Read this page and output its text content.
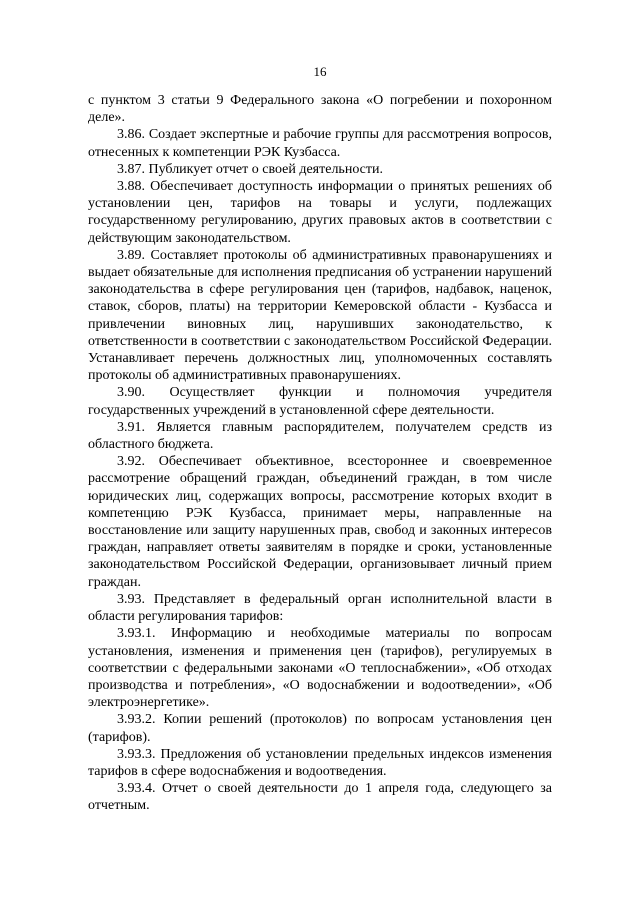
16

с пунктом 3 статьи 9 Федерального закона «О погребении и похоронном деле».

3.86. Создает экспертные и рабочие группы для рассмотрения вопросов, отнесенных к компетенции РЭК Кузбасса.

3.87. Публикует отчет о своей деятельности.

3.88. Обеспечивает доступность информации о принятых решениях об установлении цен, тарифов на товары и услуги, подлежащих государственному регулированию, других правовых актов в соответствии с действующим законодательством.

3.89. Составляет протоколы об административных правонарушениях и выдает обязательные для исполнения предписания об устранении нарушений законодательства в сфере регулирования цен (тарифов, надбавок, наценок, ставок, сборов, платы) на территории Кемеровской области - Кузбасса и привлечении виновных лиц, нарушивших законодательство, к ответственности в соответствии с законодательством Российской Федерации. Устанавливает перечень должностных лиц, уполномоченных составлять протоколы об административных правонарушениях.

3.90. Осуществляет функции и полномочия учредителя государственных учреждений в установленной сфере деятельности.

3.91. Является главным распорядителем, получателем средств из областного бюджета.

3.92. Обеспечивает объективное, всестороннее и своевременное рассмотрение обращений граждан, объединений граждан, в том числе юридических лиц, содержащих вопросы, рассмотрение которых входит в компетенцию РЭК Кузбасса, принимает меры, направленные на восстановление или защиту нарушенных прав, свобод и законных интересов граждан, направляет ответы заявителям в порядке и сроки, установленные законодательством Российской Федерации, организовывает личный прием граждан.

3.93. Представляет в федеральный орган исполнительной власти в области регулирования тарифов:

3.93.1. Информацию и необходимые материалы по вопросам установления, изменения и применения цен (тарифов), регулируемых в соответствии с федеральными законами «О теплоснабжении», «Об отходах производства и потребления», «О водоснабжении и водоотведении», «Об электроэнергетике».

3.93.2. Копии решений (протоколов) по вопросам установления цен (тарифов).

3.93.3. Предложения об установлении предельных индексов изменения тарифов в сфере водоснабжения и водоотведения.

3.93.4. Отчет о своей деятельности до 1 апреля года, следующего за отчетным.
